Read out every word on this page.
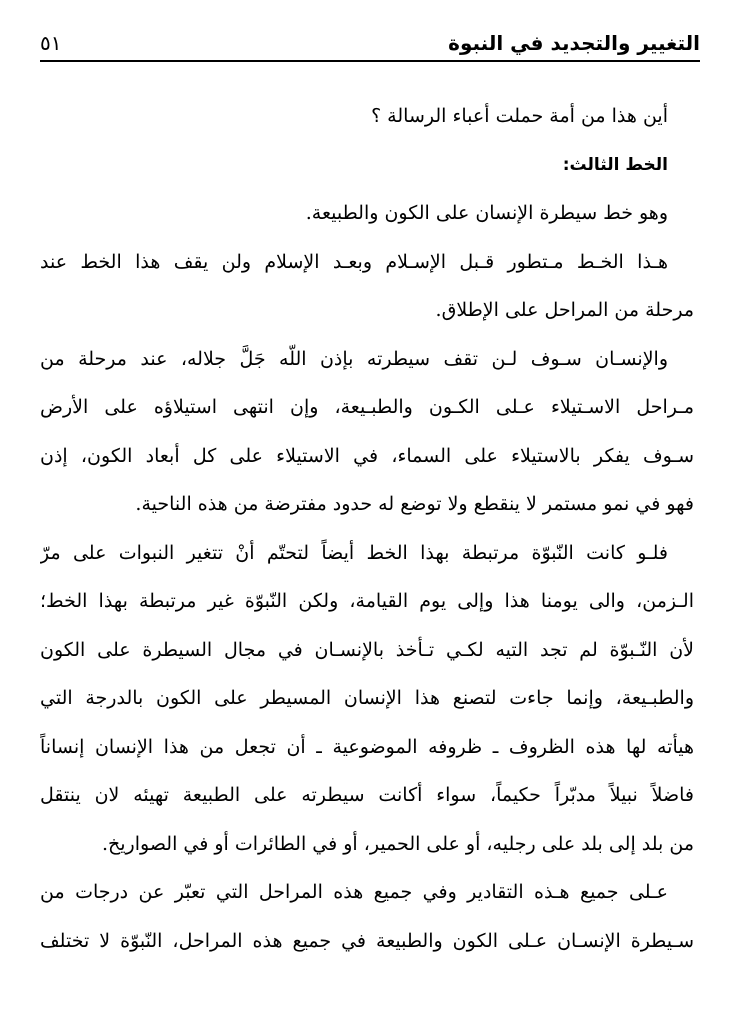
التغيير والتجديد في النبوة
٥١
أين هذا من أمة حملت أعباء الرسالة ؟
الخط الثالث:
وهو خط سيطرة الإنسان على الكون والطبيعة.
هـذا الخـط مـتطور قـبل الإسـلام وبعـد الإسلام ولن يقف هذا الخط عند
مرحلة من المراحل على الإطلاق.
والإنسـان سـوف لـن تقف سيطرته بإذن اللّه جَلَّ جلاله، عند مرحلة من
مـراحل الاسـتيلاء عـلى الكـون والطبـيعة، وإن انتهى استيلاؤه على الأرض
سـوف يفكر بالاستيلاء على السماء، في الاستيلاء على كل أبعاد الكون، إذن
فهو في نمو مستمر لا ينقطع ولا توضع له حدود مفترضة من هذه الناحية.
فلـو كانت النّبوّة مرتبطة بهذا الخط أيضاً لتحتّم أنْ تتغير النبوات على مرّ
الـزمن، والى يومنا هذا وإلى يوم القيامة، ولكن النّبوّة غير مرتبطة بهذا الخط؛
لأن النّـبوّة لم تجد التيه لكـي تـأخذ بالإنسـان في مجال السيطرة على الكون
والطبـيعة، وإنما جاءت لتصنع هذا الإنسان المسيطر على الكون بالدرجة التي
هيأته لها هذه الظروف ـ ظروفه الموضوعية ـ أن تجعل من هذا الإنسان إنساناً
فاضلاً نبيلاً مدبّراً حكيماً، سواء أكانت سيطرته على الطبيعة تهيئه لان ينتقل
من بلد إلى بلد على رجليه، أو على الحمير، أو في الطائرات أو في الصواريخ.
عـلى جميع هـذه التقادير وفي جميع هذه المراحل التي تعبّر عن درجات من
سـيطرة الإنسـان عـلى الكون والطبيعة في جميع هذه المراحل، النّبوّة لا تختلف
